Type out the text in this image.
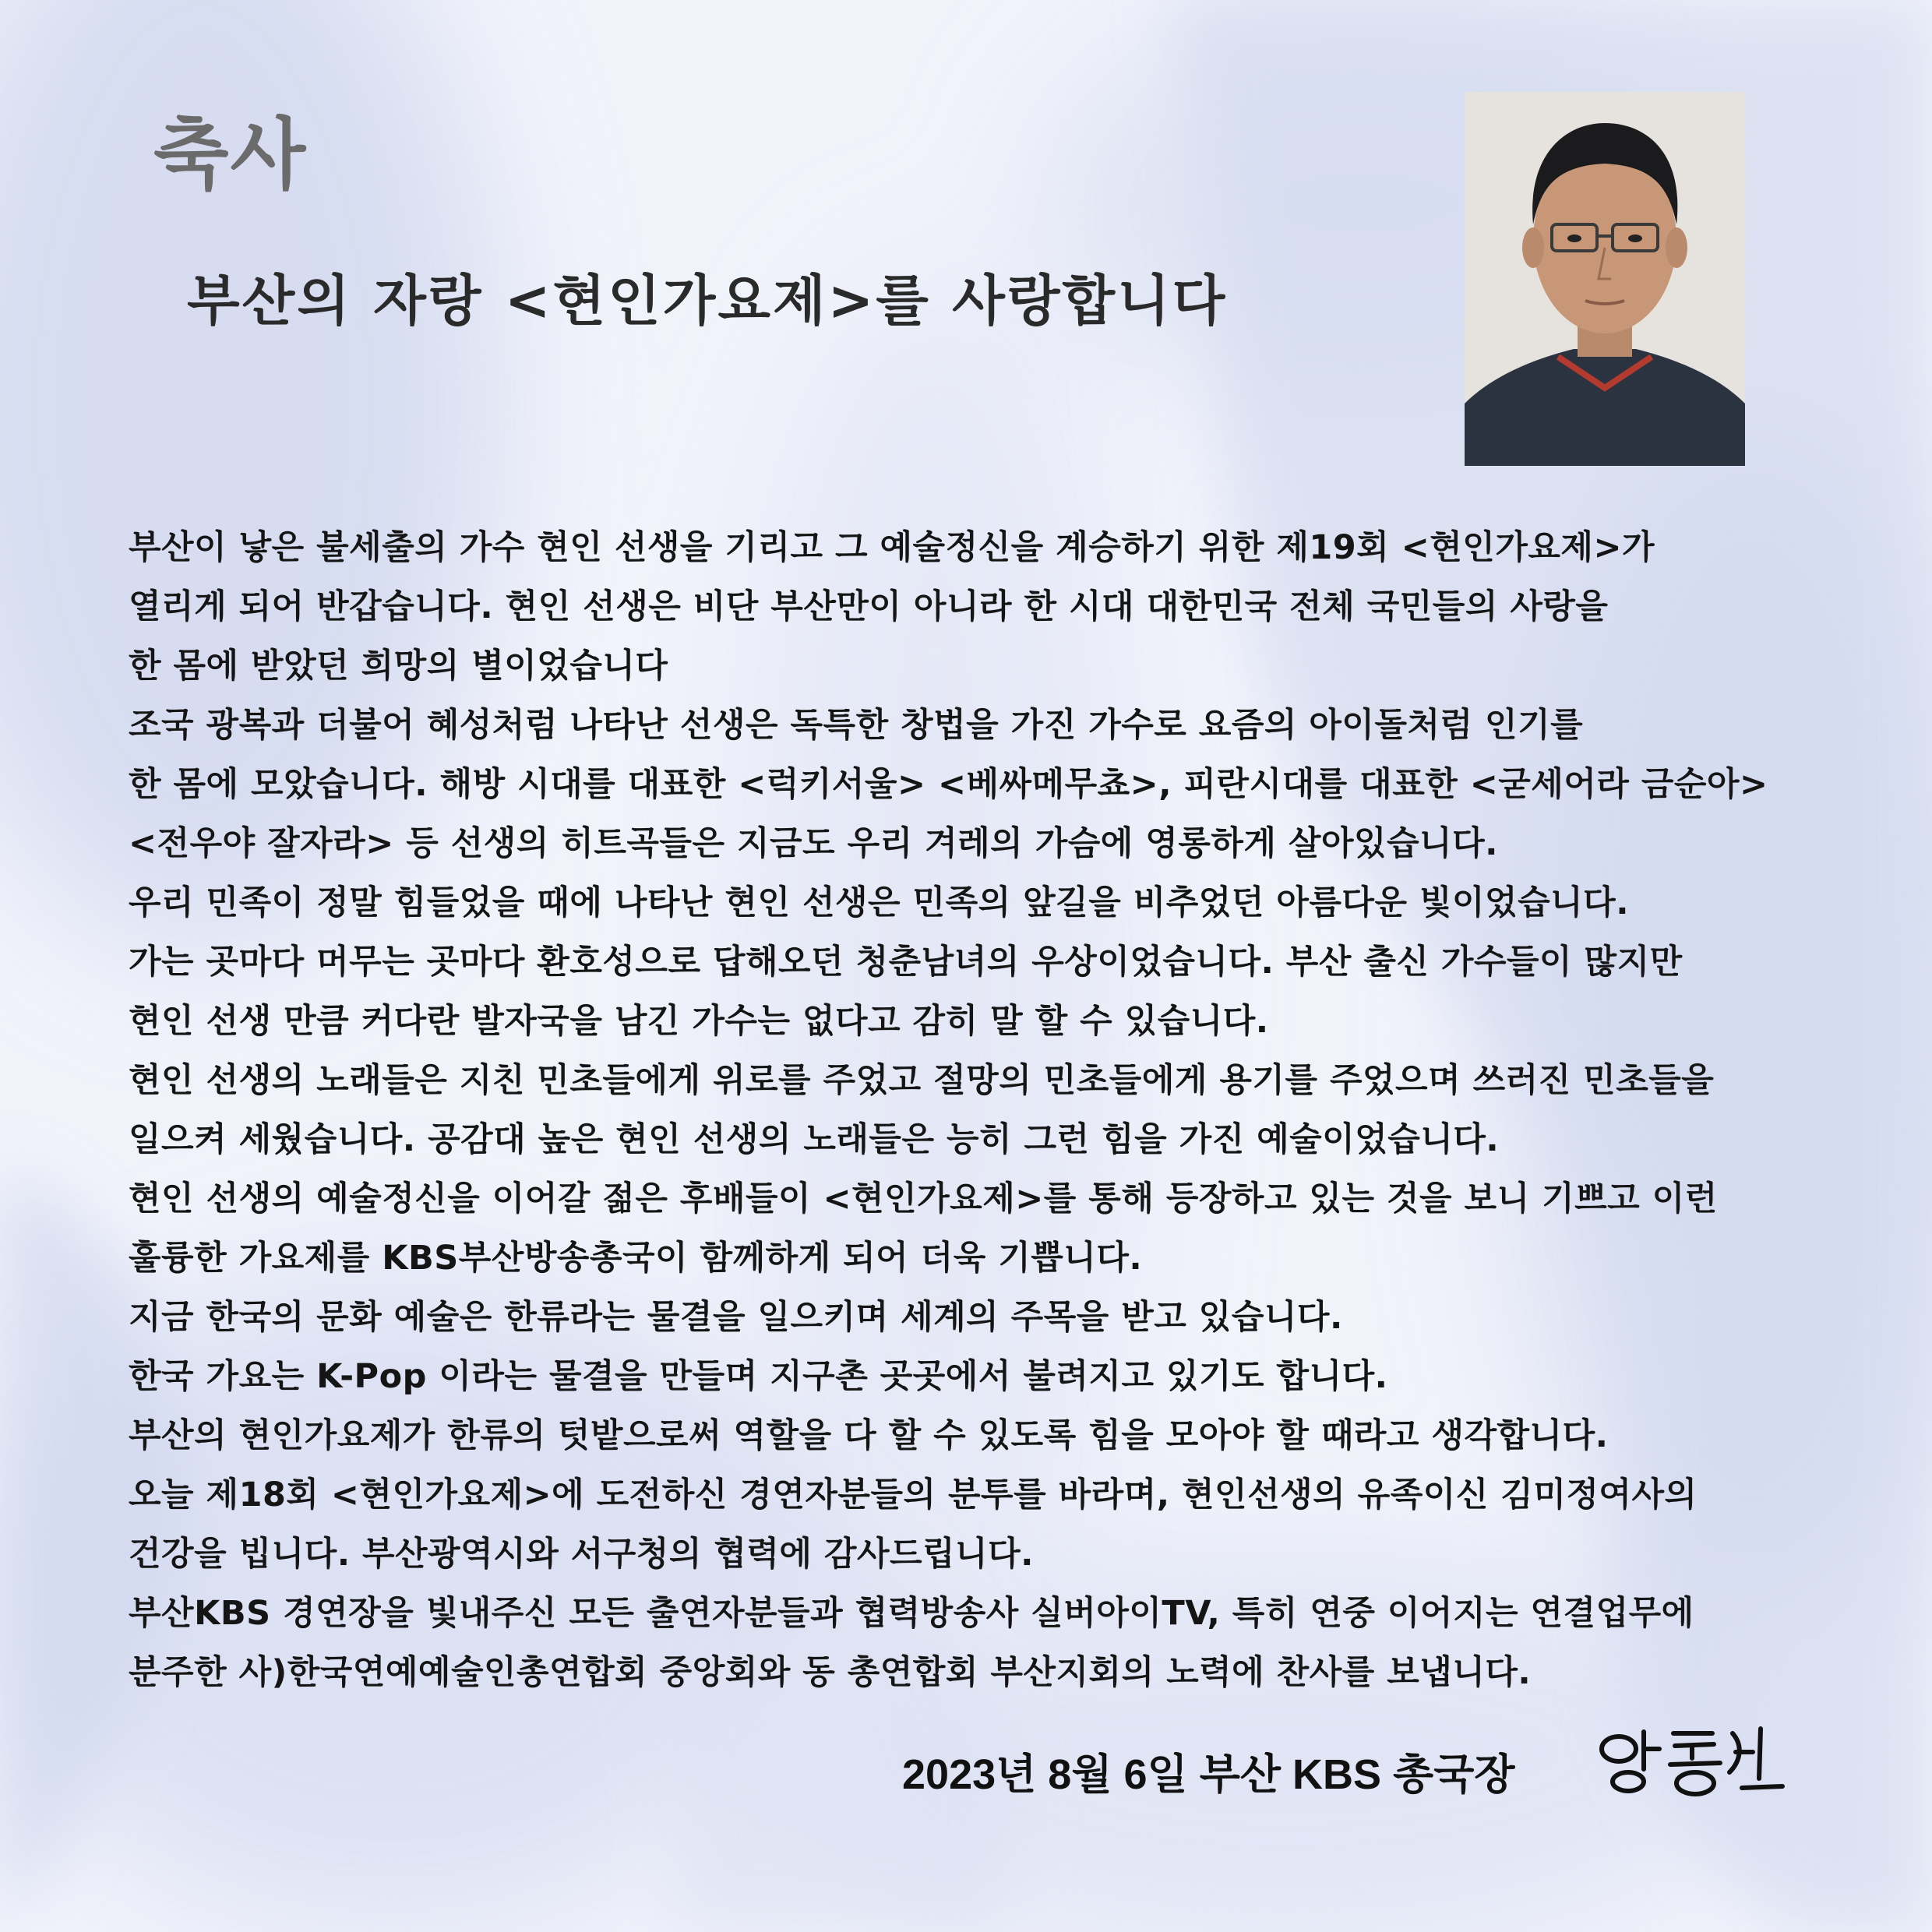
축사
부산의 자랑 <현인가요제>를 사랑합니다
부산이 낳은 불세출의 가수 현인 선생을 기리고 그 예술정신을 계승하기 위한 제19회 <현인가요제>가
열리게 되어 반갑습니다. 현인 선생은 비단 부산만이 아니라 한 시대 대한민국 전체 국민들의 사랑을
한 몸에 받았던 희망의 별이었습니다
조국 광복과 더불어 혜성처럼 나타난 선생은 독특한 창법을 가진 가수로 요즘의 아이돌처럼 인기를
한 몸에 모았습니다. 해방 시대를 대표한 <럭키서울> <베싸메무쵸>, 피란시대를 대표한 <굳세어라 금순아>
<전우야 잘자라> 등 선생의 히트곡들은 지금도 우리 겨레의 가슴에 영롱하게 살아있습니다.
우리 민족이 정말 힘들었을 때에 나타난 현인 선생은 민족의 앞길을 비추었던 아름다운 빛이었습니다.
가는 곳마다 머무는 곳마다 환호성으로 답해오던 청춘남녀의 우상이었습니다. 부산 출신 가수들이 많지만
현인 선생 만큼 커다란 발자국을 남긴 가수는 없다고 감히 말 할 수 있습니다.
현인 선생의 노래들은 지친 민초들에게 위로를 주었고 절망의 민초들에게 용기를 주었으며 쓰러진 민초들을
일으켜 세웠습니다. 공감대 높은 현인 선생의 노래들은 능히 그런 힘을 가진 예술이었습니다.
현인 선생의 예술정신을 이어갈 젊은 후배들이 <현인가요제>를 통해 등장하고 있는 것을 보니 기쁘고 이런
훌륭한 가요제를 KBS부산방송총국이 함께하게 되어 더욱 기쁩니다.
지금 한국의 문화 예술은 한류라는 물결을 일으키며 세계의 주목을 받고 있습니다.
한국 가요는 K-Pop 이라는 물결을 만들며 지구촌 곳곳에서 불려지고 있기도 합니다.
부산의 현인가요제가 한류의 텃밭으로써 역할을 다 할 수 있도록 힘을 모아야 할 때라고 생각합니다.
오늘 제18회 <현인가요제>에 도전하신 경연자분들의 분투를 바라며, 현인선생의 유족이신 김미정여사의
건강을 빕니다. 부산광역시와 서구청의 협력에 감사드립니다.
부산KBS 경연장을 빛내주신 모든 출연자분들과 협력방송사 실버아이TV, 특히 연중 이어지는 연결업무에
분주한 사)한국연예예술인총연합회 중앙회와 동 총연합회 부산지회의 노력에 찬사를 보냅니다.
2023년 8월 6일 부산 KBS 총국장
